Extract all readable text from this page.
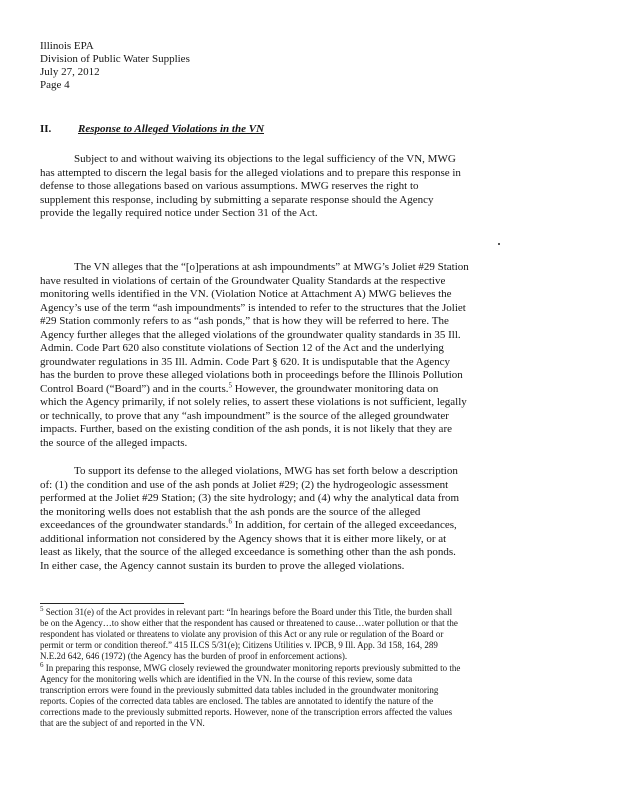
Illinois EPA
Division of Public Water Supplies
July 27, 2012
Page 4
II. Response to Alleged Violations in the VN
Subject to and without waiving its objections to the legal sufficiency of the VN, MWG
has attempted to discern the legal basis for the alleged violations and to prepare this response in
defense to those allegations based on various assumptions. MWG reserves the right to
supplement this response, including by submitting a separate response should the Agency
provide the legally required notice under Section 31 of the Act.
The VN alleges that the “[o]perations at ash impoundments” at MWG’s Joliet #29 Station
have resulted in violations of certain of the Groundwater Quality Standards at the respective
monitoring wells identified in the VN. (Violation Notice at Attachment A) MWG believes the
Agency’s use of the term “ash impoundments” is intended to refer to the structures that the Joliet
#29 Station commonly refers to as “ash ponds,” that is how they will be referred to here. The
Agency further alleges that the alleged violations of the groundwater quality standards in 35 Ill.
Admin. Code Part 620 also constitute violations of Section 12 of the Act and the underlying
groundwater regulations in 35 Ill. Admin. Code Part § 620. It is undisputable that the Agency
has the burden to prove these alleged violations both in proceedings before the Illinois Pollution
Control Board (“Board”) and in the courts.$^5$ However, the groundwater monitoring data on
which the Agency primarily, if not solely relies, to assert these violations is not sufficient, legally
or technically, to prove that any “ash impoundment” is the source of the alleged groundwater
impacts. Further, based on the existing condition of the ash ponds, it is not likely that they are
the source of the alleged impacts.
To support its defense to the alleged violations, MWG has set forth below a description
of: (1) the condition and use of the ash ponds at Joliet #29; (2) the hydrogeologic assessment
performed at the Joliet #29 Station; (3) the site hydrology; and (4) why the analytical data from
the monitoring wells does not establish that the ash ponds are the source of the alleged
exceedances of the groundwater standards.$^6$ In addition, for certain of the alleged exceedances,
additional information not considered by the Agency shows that it is either more likely, or at
least as likely, that the source of the alleged exceedance is something other than the ash ponds.
In either case, the Agency cannot sustain its burden to prove the alleged violations.
$^5$ Section 31(e) of the Act provides in relevant part: “In hearings before the Board under this Title, the burden shall
be on the Agency…to show either that the respondent has caused or threatened to cause…water pollution or that the
respondent has violated or threatens to violate any provision of this Act or any rule or regulation of the Board or
permit or term or condition thereof.” 415 ILCS 5/31(e); Citizens Utilities v. IPCB, 9 Ill. App. 3d 158, 164, 289
N.E.2d 642, 646 (1972) (the Agency has the burden of proof in enforcement actions).
$^6$ In preparing this response, MWG closely reviewed the groundwater monitoring reports previously submitted to the
Agency for the monitoring wells which are identified in the VN. In the course of this review, some data
transcription errors were found in the previously submitted data tables included in the groundwater monitoring
reports. Copies of the corrected data tables are enclosed. The tables are annotated to identify the nature of the
corrections made to the previously submitted reports. However, none of the transcription errors affected the values
that are the subject of and reported in the VN.
